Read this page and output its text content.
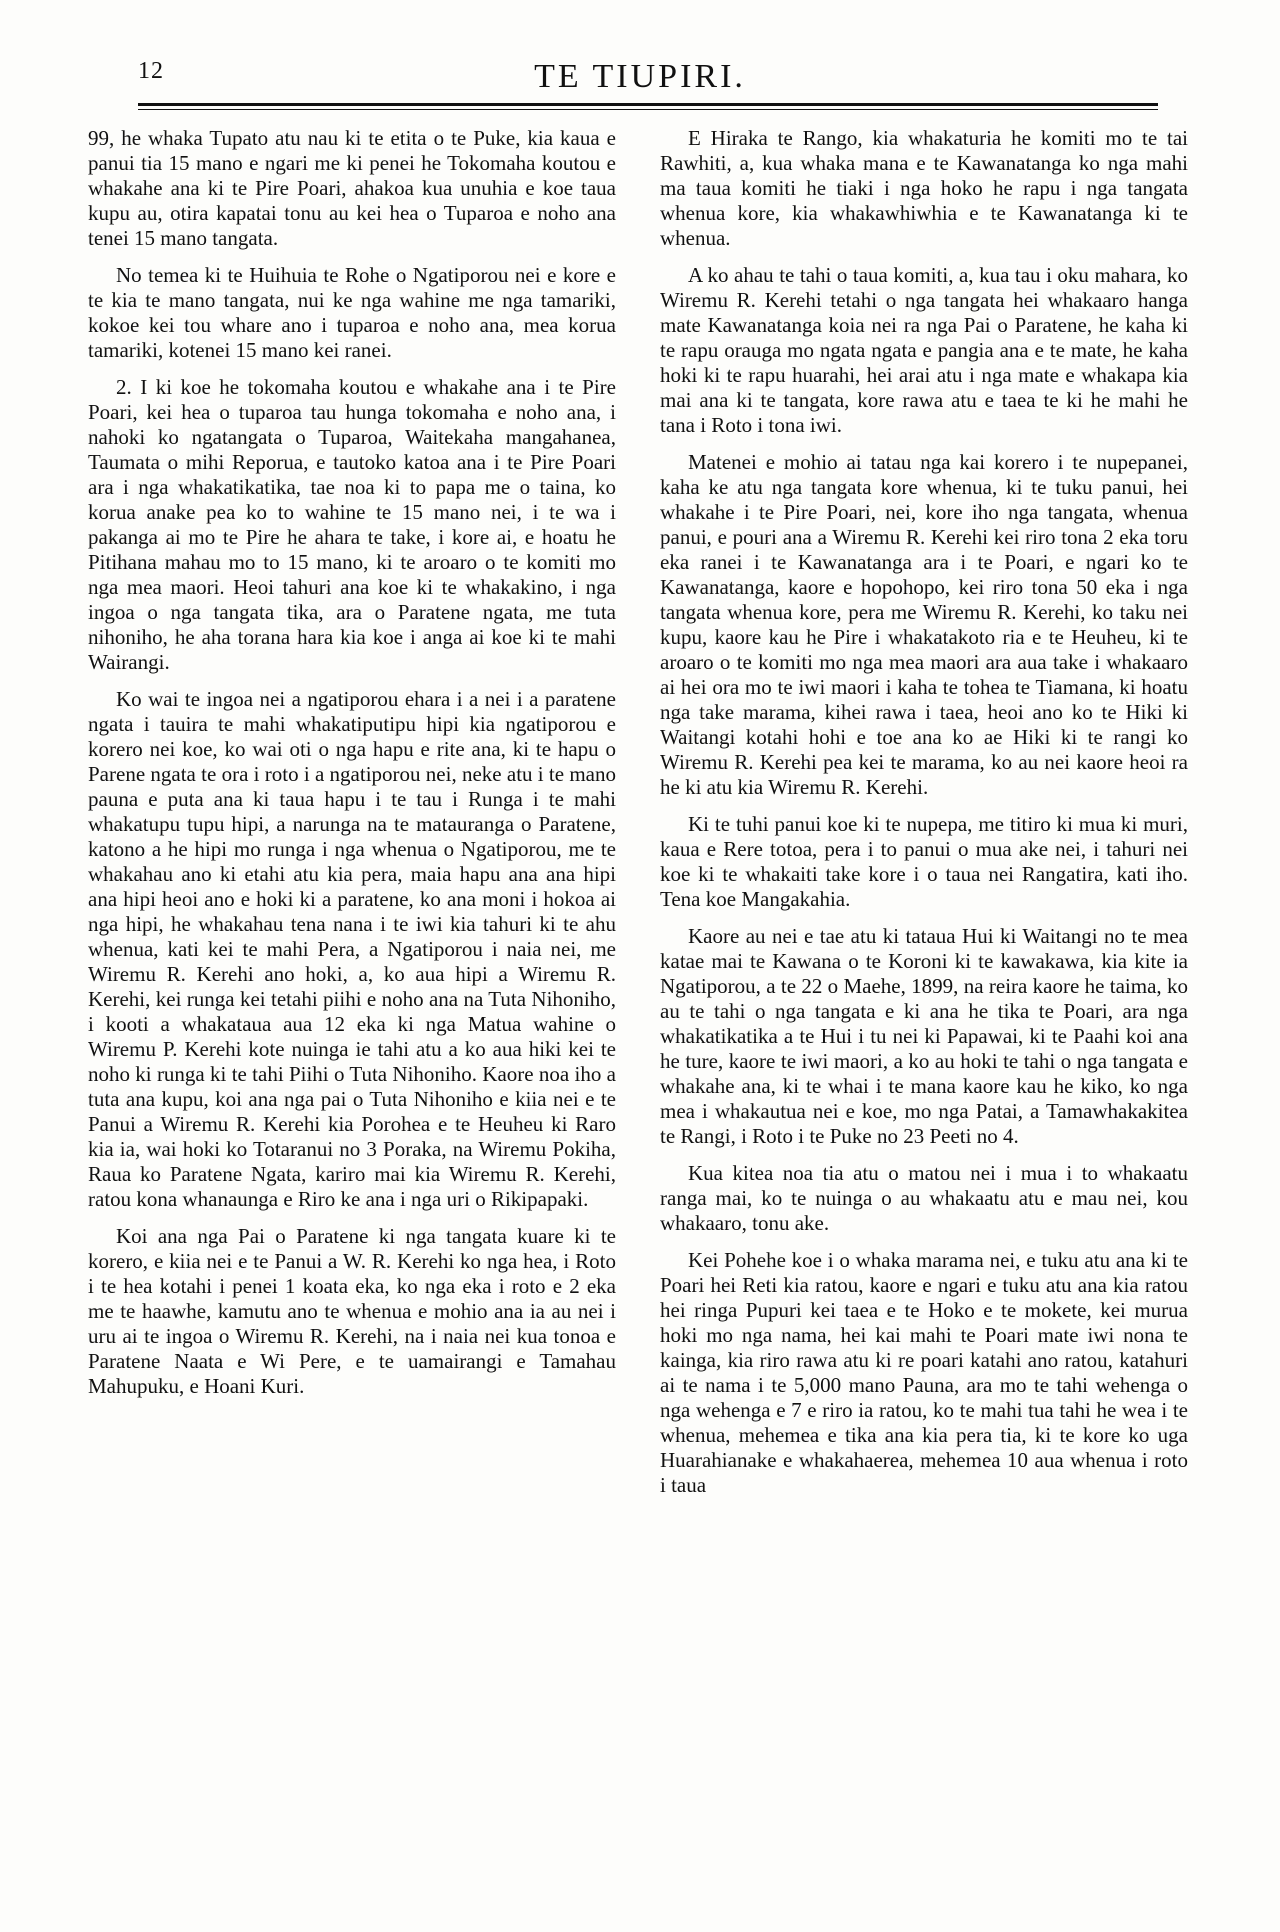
12	TE TIUPIRI.

99, he whaka Tupato atu nau ki te etita o te Puke, kia kaua e panui tia 15 mano e ngari me ki penei he Tokomaha koutou e whakahe ana ki te Pire Poari, ahakoa kua unuhia e koe taua kupu au, otira kapatai tonu au kei hea o Tuparoa e noho ana tenei 15 mano tangata.

No temea ki te Huihuia te Rohe o Ngatiporou nei e kore e te kia te mano tangata, nui ke nga wahine me nga tamariki, kokoe kei tou whare ano i tuparoa e noho ana, mea korua tamariki, kotenei 15 mano kei ranei.

2. I ki koe he tokomaha koutou e whakahe ana i te Pire Poari, kei hea o tuparoa tau hunga tokomaha e noho ana, i nahoki ko ngatangata o Tuparoa, Waitekaha mangahanea, Taumata o mihi Reporua, e tautoko katoa ana i te Pire Poari ara i nga whakatikatika, tae noa ki to papa me o taina, ko korua anake pea ko to wahine te 15 mano nei, i te wa i pakanga ai mo te Pire he ahara te take, i kore ai, e hoatu he Pitihana mahau mo to 15 mano, ki te aroaro o te komiti mo nga mea maori. Heoi tahuri ana koe ki te whakakino, i nga ingoa o nga tangata tika, ara o Paratene ngata, me tuta nihoniho, he aha torana hara kia koe i anga ai koe ki te mahi Wairangi.

Ko wai te ingoa nei a ngatiporou ehara i a nei i a paratene ngata i tauira te mahi whakatiputipu hipi kia ngatiporou e korero nei koe, ko wai oti o nga hapu e rite ana, ki te hapu o Parene ngata te ora i roto i a ngatiporou nei, neke atu i te mano pauna e puta ana ki taua hapu i te tau i Runga i te mahi whakatupu tupu hipi, a narunga na te matauranga o Paratene, katono a he hipi mo runga i nga whenua o Ngatiporou, me te whakahau ano ki etahi atu kia pera, maia hapu ana ana hipi ana hipi heoi ano e hoki ki a paratene, ko ana moni i hokoa ai nga hipi, he whakahau tena nana i te iwi kia tahuri ki te ahu whenua, kati kei te mahi Pera, a Ngatiporou i naia nei, me Wiremu R. Kerehi ano hoki, a, ko aua hipi a Wiremu R. Kerehi, kei runga kei tetahi piihi e noho ana na Tuta Nihoniho, i kooti a whakataua aua 12 eka ki nga Matua wahine o Wiremu P. Kerehi kote nuinga ie tahi atu a ko aua hiki kei te noho ki runga ki te tahi Piihi o Tuta Nihoniho. Kaore noa iho a tuta ana kupu, koi ana nga pai o Tuta Nihoniho e kiia nei e te Panui a Wiremu R. Kerehi kia Porohea e te Heuheu ki Raro kia ia, wai hoki ko Totaranui no 3 Poraka, na Wiremu Pokiha, Raua ko Paratene Ngata, kariro mai kia Wiremu R. Kerehi, ratou kona whanaunga e Riro ke ana i nga uri o Rikipapaki.

Koi ana nga Pai o Paratene ki nga tangata kuare ki te korero, e kiia nei e te Panui a W. R. Kerehi ko nga hea, i Roto i te hea kotahi i penei 1 koata eka, ko nga eka i roto e 2 eka me te haawhe, kamutu ano te whenua e mohio ana ia au nei i uru ai te ingoa o Wiremu R. Kerehi, na i naia nei kua tonoa e Paratene Naata e Wi Pere, e te uamairangi e Tamahau Mahupuku, e Hoani Kuri.

E Hiraka te Rango, kia whakaturia he komiti mo te tai Rawhiti, a, kua whaka mana e te Kawanatanga ko nga mahi ma taua komiti he tiaki i nga hoko he rapu i nga tangata whenua kore, kia whakawhiwhia e te Kawanatanga ki te whenua.

A ko ahau te tahi o taua komiti, a, kua tau i oku mahara, ko Wiremu R. Kerehi tetahi o nga tangata hei whakaaro hanga mate Kawanatanga koia nei ra nga Pai o Paratene, he kaha ki te rapu orauga mo ngata ngata e pangia ana e te mate, he kaha hoki ki te rapu huarahi, hei arai atu i nga mate e whakapa kia mai ana ki te tangata, kore rawa atu e taea te ki he mahi he tana i Roto i tona iwi.

Matenei e mohio ai tatau nga kai korero i te nupepanei, kaha ke atu nga tangata kore whenua, ki te tuku panui, hei whakahe i te Pire Poari, nei, kore iho nga tangata, whenua panui, e pouri ana a Wiremu R. Kerehi kei riro tona 2 eka toru eka ranei i te Kawanatanga ara i te Poari, e ngari ko te Kawanatanga, kaore e hopohopo, kei riro tona 50 eka i nga tangata whenua kore, pera me Wiremu R. Kerehi, ko taku nei kupu, kaore kau he Pire i whakatakoto ria e te Heuheu, ki te aroaro o te komiti mo nga mea maori ara aua take i whakaaro ai hei ora mo te iwi maori i kaha te tohea te Tiamana, ki hoatu nga take marama, kihei rawa i taea, heoi ano ko te Hiki ki Waitangi kotahi hohi e toe ana ko ae Hiki ki te rangi ko Wiremu R. Kerehi pea kei te marama, ko au nei kaore heoi ra he ki atu kia Wiremu R. Kerehi.

Ki te tuhi panui koe ki te nupepa, me titiro ki mua ki muri, kaua e Rere totoa, pera i to panui o mua ake nei, i tahuri nei koe ki te whakaiti take kore i o taua nei Rangatira, kati iho. Tena koe Mangakahia.

Kaore au nei e tae atu ki tataua Hui ki Waitangi no te mea katae mai te Kawana o te Koroni ki te kawakawa, kia kite ia Ngatiporou, a te 22 o Maehe, 1899, na reira kaore he taima, ko au te tahi o nga tangata e ki ana he tika te Poari, ara nga whakatikatika a te Hui i tu nei ki Papawai, ki te Paahi koi ana he ture, kaore te iwi maori, a ko au hoki te tahi o nga tangata e whakahe ana, ki te whai i te mana kaore kau he kiko, ko nga mea i whakautua nei e koe, mo nga Patai, a Tamawhakakitea te Rangi, i Roto i te Puke no 23 Peeti no 4.

Kua kitea noa tia atu o matou nei i mua i to whakaatu ranga mai, ko te nuinga o au whakaatu atu e mau nei, kou whakaaro, tonu ake.

Kei Pohehe koe i o whaka marama nei, e tuku atu ana ki te Poari hei Reti kia ratou, kaore e ngari e tuku atu ana kia ratou hei ringa Pupuri kei taea e te Hoko e te mokete, kei murua hoki mo nga nama, hei kai mahi te Poari mate iwi nona te kainga, kia riro rawa atu ki re poari katahi ano ratou, katahuri ai te nama i te 5,000 mano Pauna, ara mo te tahi wehenga o nga wehenga e 7 e riro ia ratou, ko te mahi tua tahi he wea i te whenua, mehemea e tika ana kia pera tia, ki te kore ko uga Huarahianake e whakahaerea, mehemea 10 aua whenua i roto i taua
